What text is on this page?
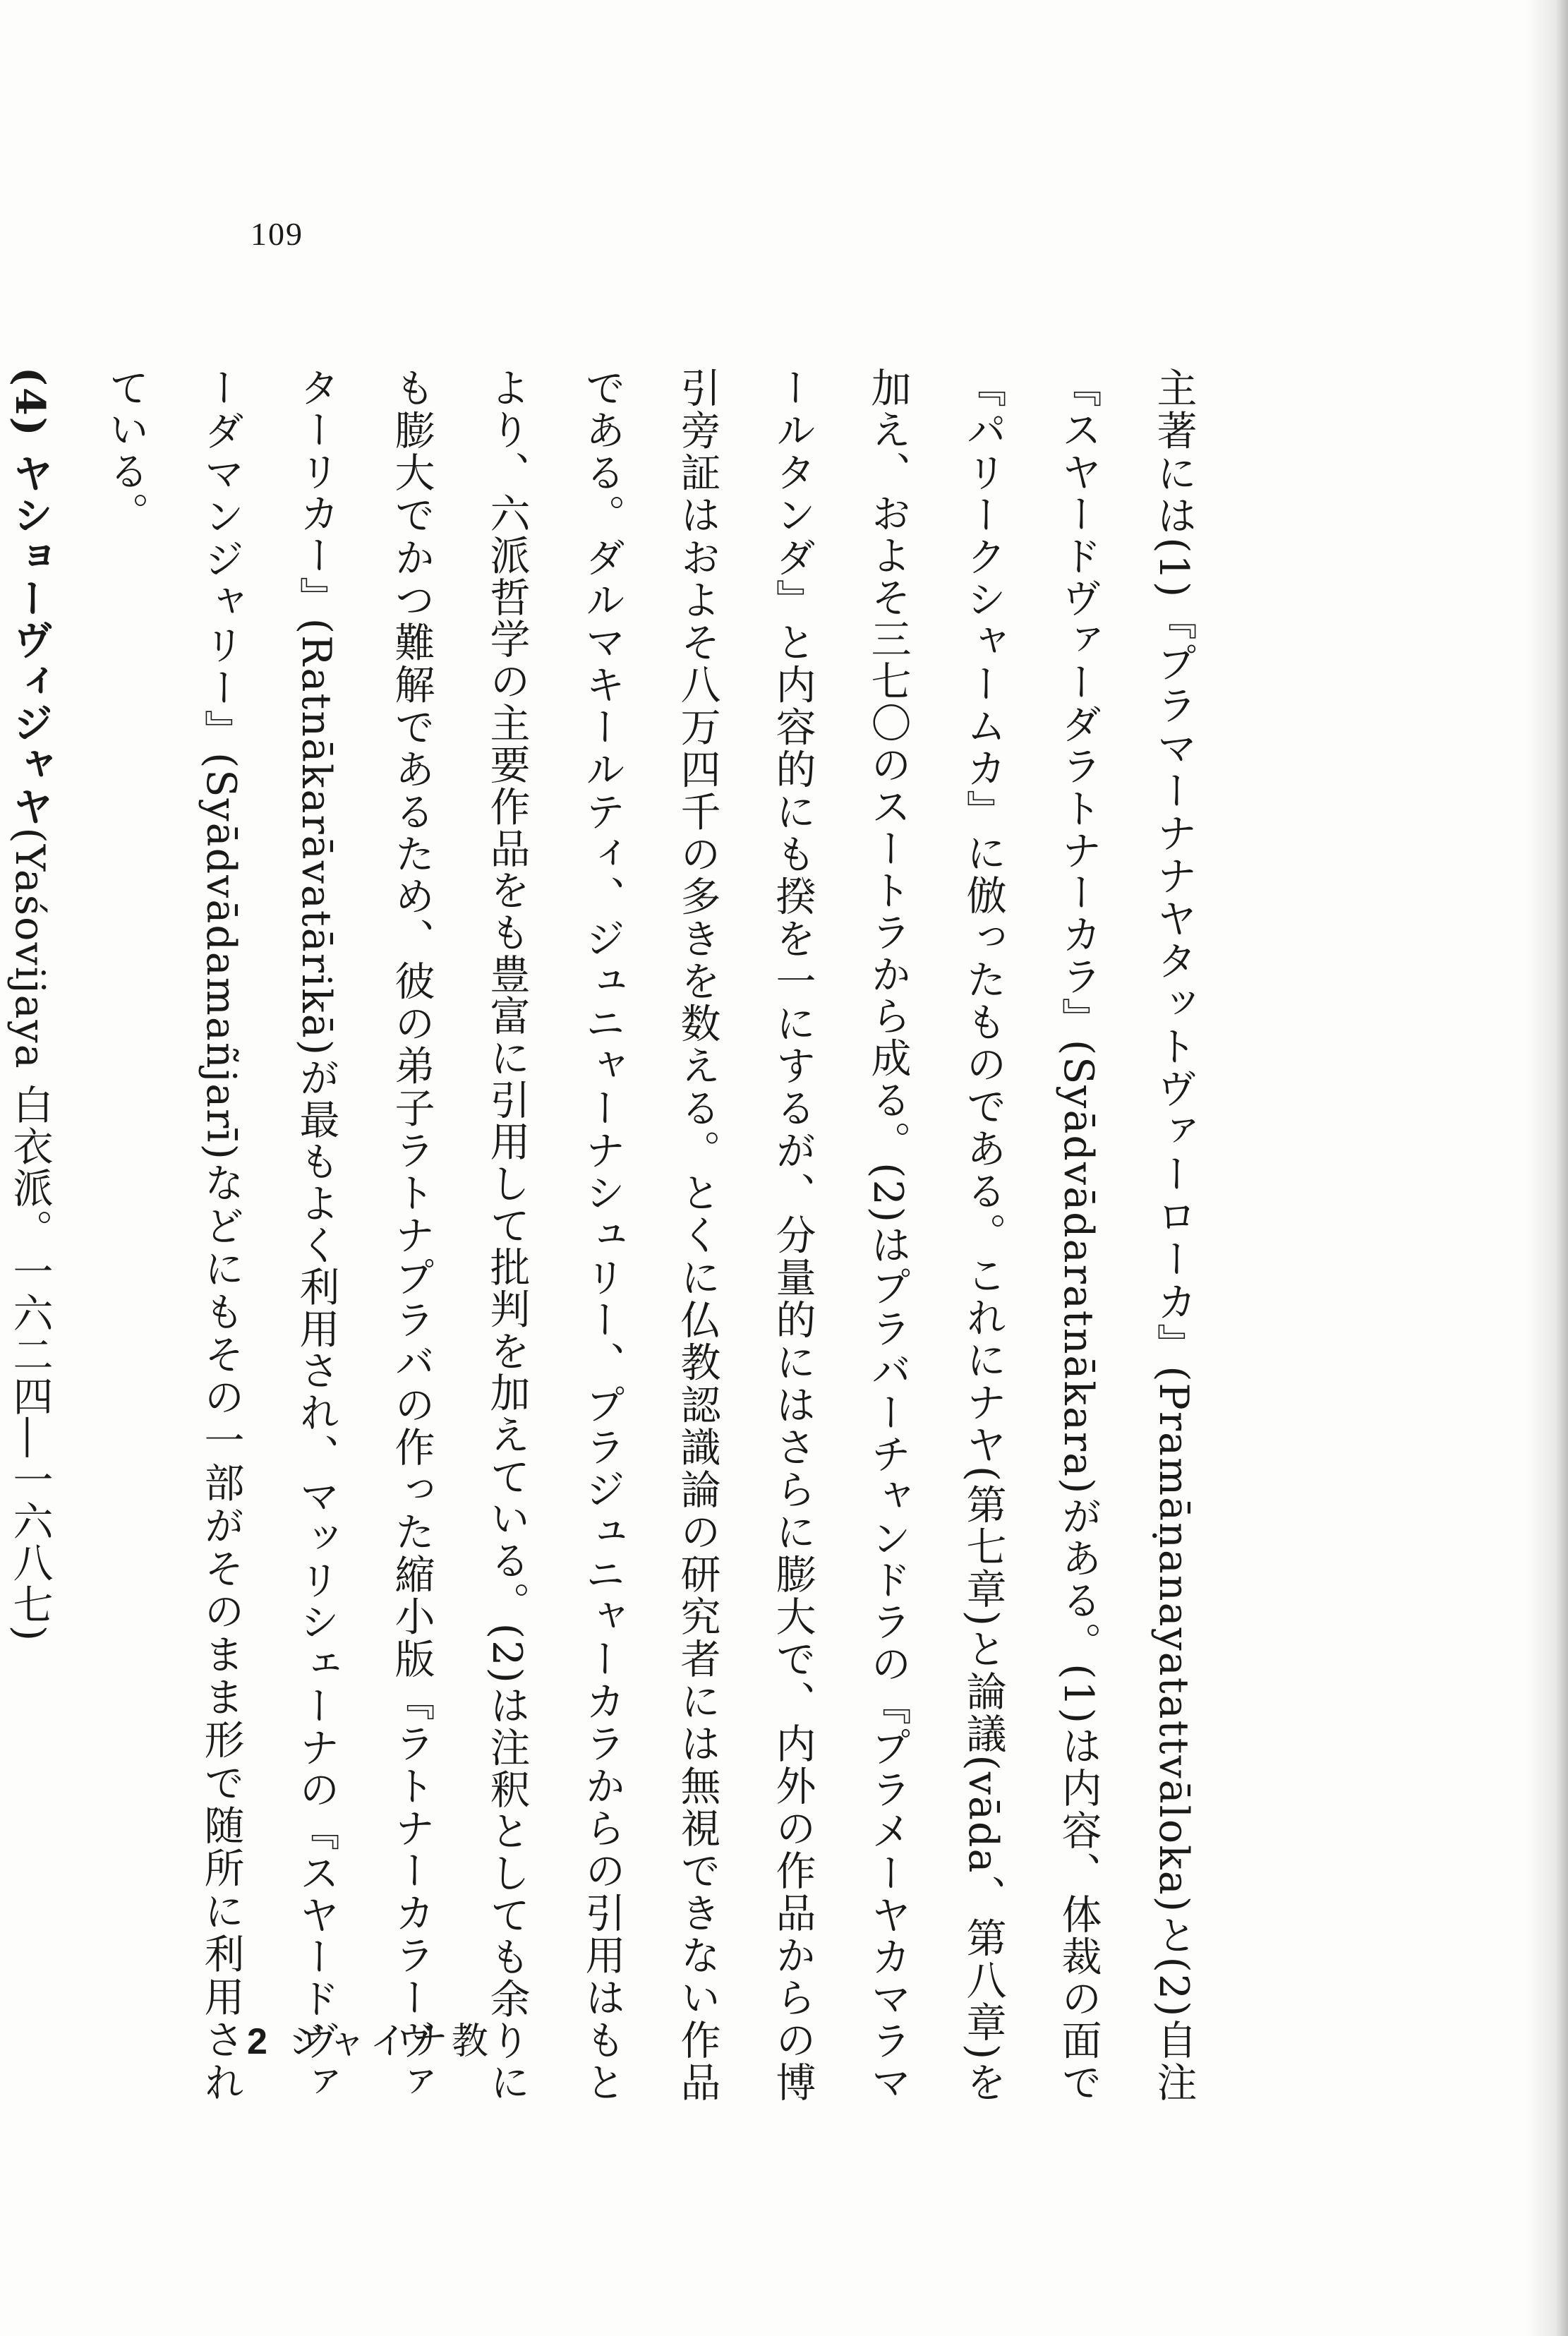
109

主著には(1)『プラマーナナヤタットヴァーローカ』(Pramāṇanayatattvāloka)と(2)自注『スヤードヴァーダラトナーカラ』(Syādvādaratnākara)がある。(1)は内容、体裁の面で『パリークシャームカ』に倣ったものである。これにナヤ(第七章)と論議(vāda、第八章)を加え、およそ三七〇のスートラから成る。(2)はプラバーチャンドラの『プラメーヤカマラマールタンダ』と内容的にも揆を一にするが、分量的にはさらに膨大で、内外の作品からの博引旁証はおよそ八万四千の多きを数える。とくに仏教認識論の研究者には無視できない作品である。ダルマキールティ、ジュニャーナシュリー、プラジュニャーカラからの引用はもとより、六派哲学の主要作品をも豊富に引用して批判を加えている。(2)は注釈としても余りにも膨大でかつ難解であるため、彼の弟子ラトナプラバの作った縮小版『ラトナーカラーヴァターリカー』(Ratnākarāvatārikā)が最もよく利用され、マッリシェーナの『スヤードヴァーダマンジャリー』(Syādvādamañjarī)などにもその一部がそのまま形で随所に利用されている。

(4) ヤショーヴィジャヤ(Yaśovijaya 白衣派。一六二四―一六八七)

2 ジャイナ教
